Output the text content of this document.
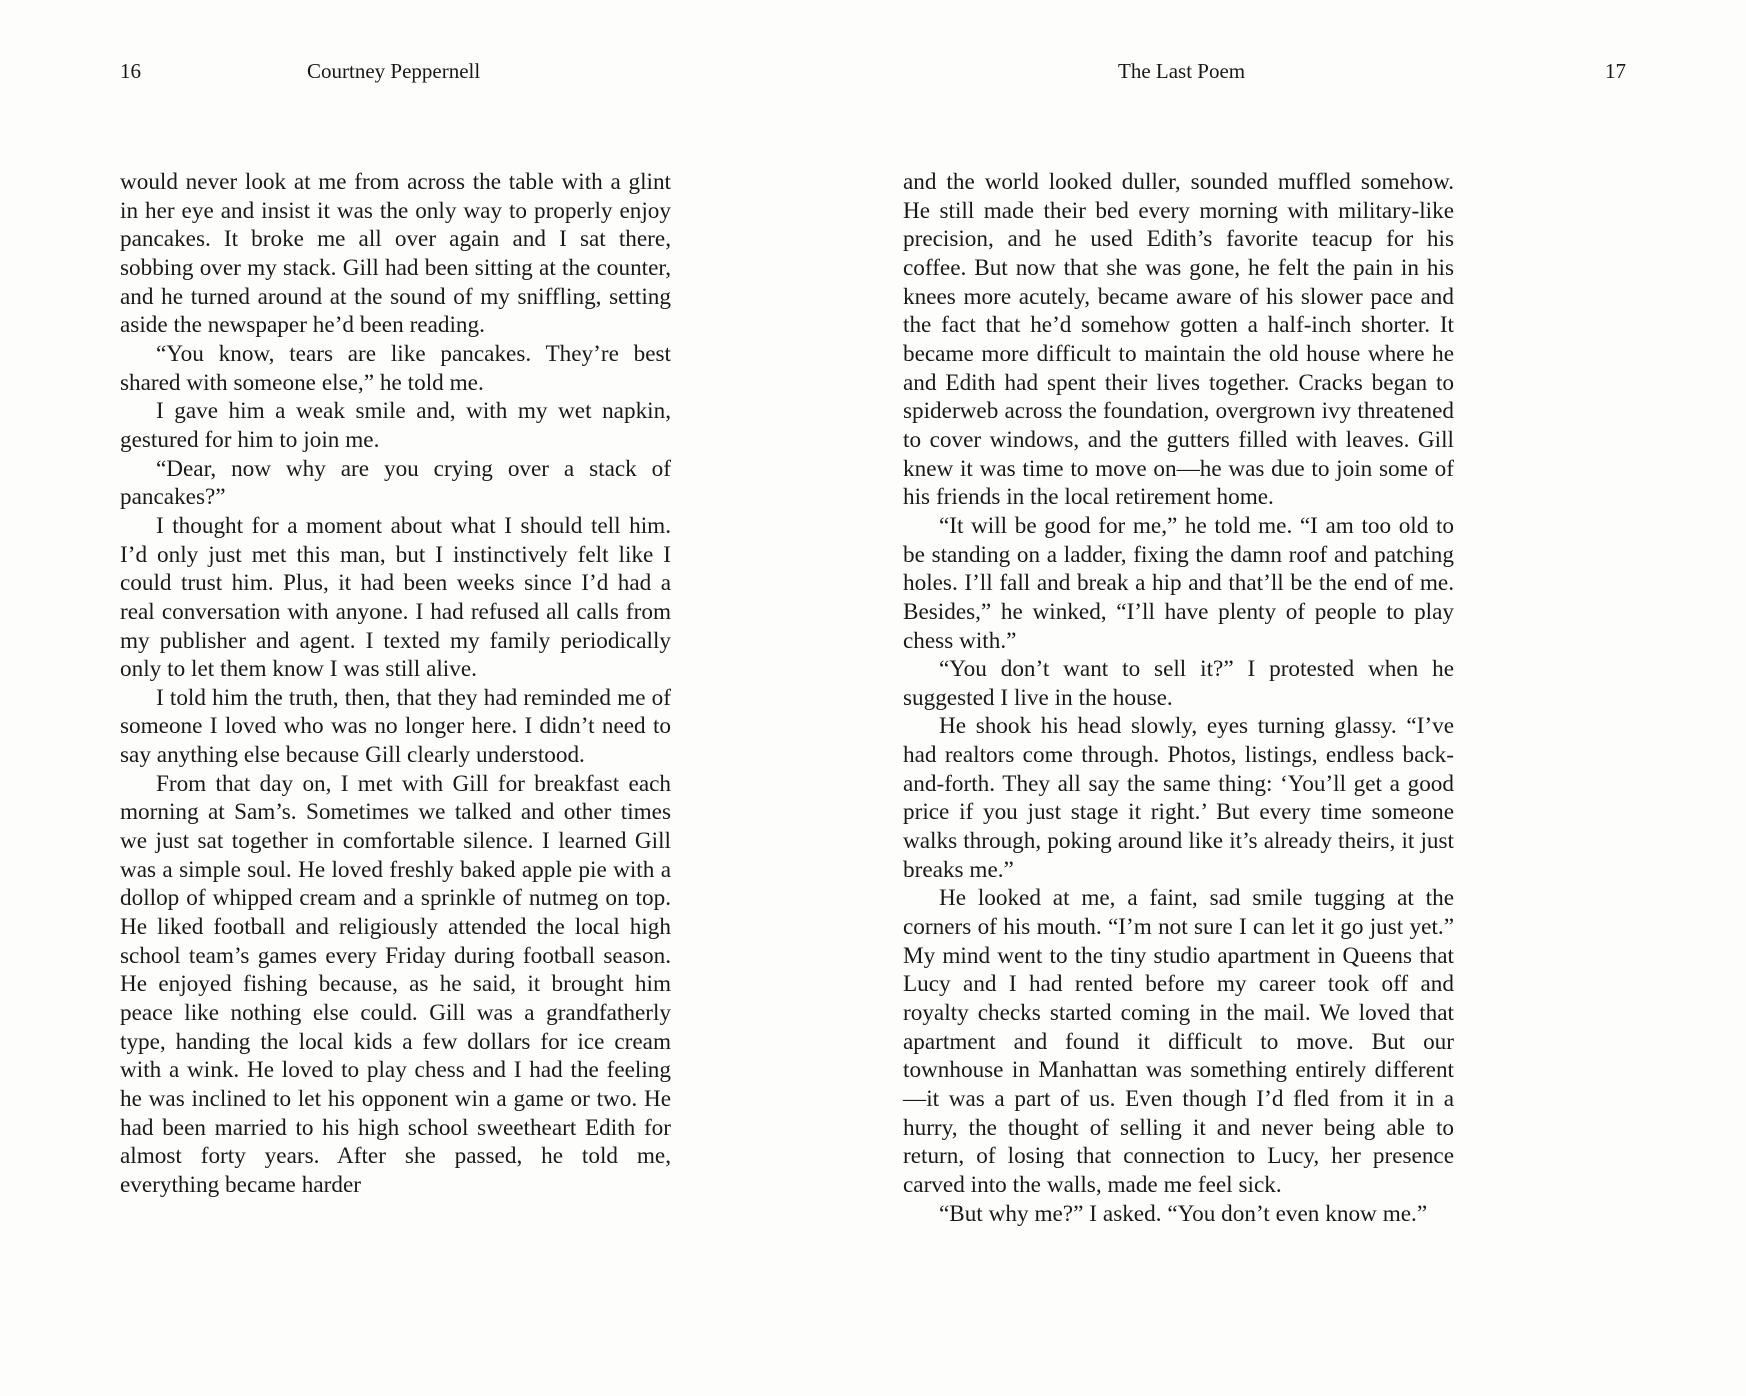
16	Courtney Peppernell

would never look at me from across the table with a glint in her eye and insist it was the only way to properly enjoy pancakes. It broke me all over again and I sat there, sobbing over my stack. Gill had been sitting at the counter, and he turned around at the sound of my sniffling, setting aside the newspaper he’d been reading.

“You know, tears are like pancakes. They’re best shared with someone else,” he told me.

I gave him a weak smile and, with my wet napkin, gestured for him to join me.

“Dear, now why are you crying over a stack of pancakes?”

I thought for a moment about what I should tell him. I’d only just met this man, but I instinctively felt like I could trust him. Plus, it had been weeks since I’d had a real conversation with anyone. I had refused all calls from my publisher and agent. I texted my family periodically only to let them know I was still alive.

I told him the truth, then, that they had reminded me of someone I loved who was no longer here. I didn’t need to say anything else because Gill clearly understood.

From that day on, I met with Gill for breakfast each morning at Sam’s. Sometimes we talked and other times we just sat together in comfortable silence. I learned Gill was a simple soul. He loved freshly baked apple pie with a dollop of whipped cream and a sprinkle of nutmeg on top. He liked football and religiously attended the local high school team’s games every Friday during football season. He enjoyed fishing because, as he said, it brought him peace like nothing else could. Gill was a grandfatherly type, handing the local kids a few dollars for ice cream with a wink. He loved to play chess and I had the feeling he was inclined to let his opponent win a game or two. He had been married to his high school sweetheart Edith for almost forty years. After she passed, he told me, everything became harder

The Last Poem	17

and the world looked duller, sounded muffled somehow. He still made their bed every morning with military-like precision, and he used Edith’s favorite teacup for his coffee. But now that she was gone, he felt the pain in his knees more acutely, became aware of his slower pace and the fact that he’d somehow gotten a half-inch shorter. It became more difficult to maintain the old house where he and Edith had spent their lives together. Cracks began to spiderweb across the foundation, overgrown ivy threatened to cover windows, and the gutters filled with leaves. Gill knew it was time to move on—he was due to join some of his friends in the local retirement home.

“It will be good for me,” he told me. “I am too old to be standing on a ladder, fixing the damn roof and patching holes. I’ll fall and break a hip and that’ll be the end of me. Besides,” he winked, “I’ll have plenty of people to play chess with.”

“You don’t want to sell it?” I protested when he suggested I live in the house.

He shook his head slowly, eyes turning glassy. “I’ve had realtors come through. Photos, listings, endless back-and-forth. They all say the same thing: ‘You’ll get a good price if you just stage it right.’ But every time someone walks through, poking around like it’s already theirs, it just breaks me.”

He looked at me, a faint, sad smile tugging at the corners of his mouth. “I’m not sure I can let it go just yet.” My mind went to the tiny studio apartment in Queens that Lucy and I had rented before my career took off and royalty checks started coming in the mail. We loved that apartment and found it difficult to move. But our townhouse in Manhattan was something entirely different—it was a part of us. Even though I’d fled from it in a hurry, the thought of selling it and never being able to return, of losing that connection to Lucy, her presence carved into the walls, made me feel sick.

“But why me?” I asked. “You don’t even know me.”
